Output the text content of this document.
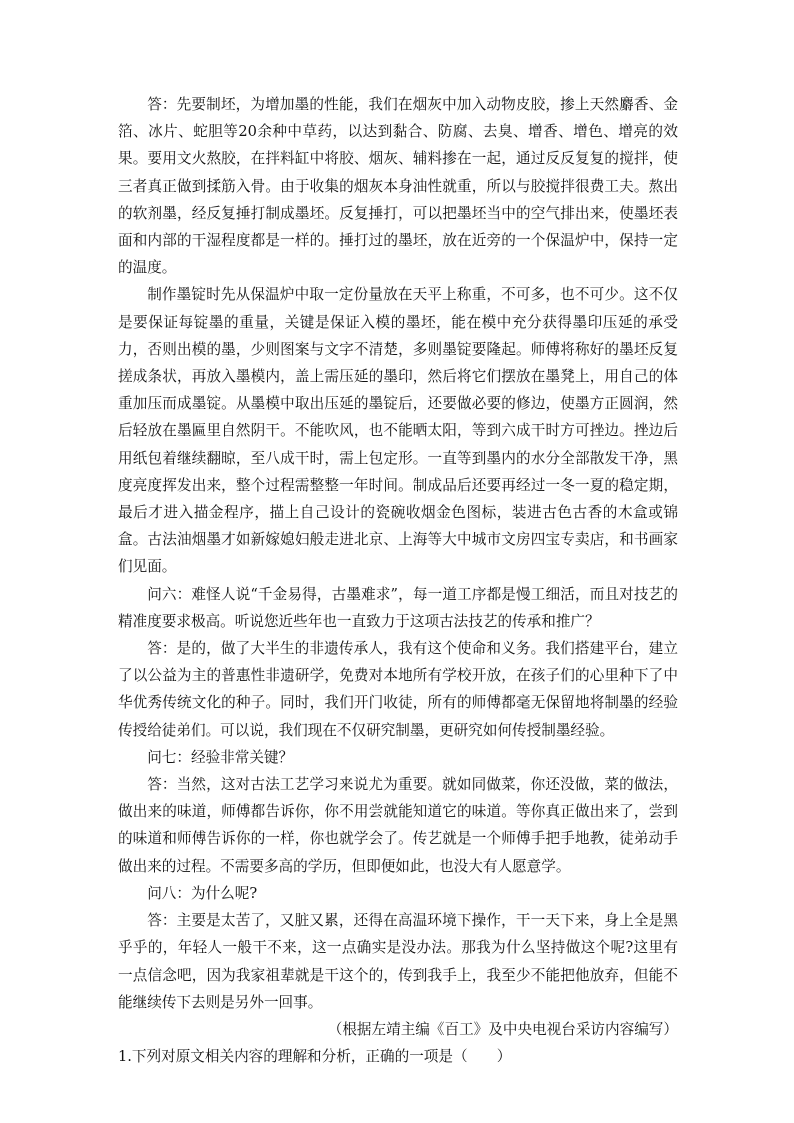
答：先要制坯，为增加墨的性能，我们在烟灰中加入动物皮胶，掺上天然麝香、金箔、冰片、蛇胆等20余种中草药，以达到黏合、防腐、去臭、增香、增色、增亮的效果。要用文火熬胶，在拌料缸中将胶、烟灰、辅料掺在一起，通过反反复复的搅拌，使三者真正做到揉筋入骨。由于收集的烟灰本身油性就重，所以与胶搅拌很费工夫。熬出的软剂墨，经反复捶打制成墨坯。反复捶打，可以把墨坯当中的空气排出来，使墨坯表面和内部的干湿程度都是一样的。捶打过的墨坯，放在近旁的一个保温炉中，保持一定的温度。

制作墨锭时先从保温炉中取一定份量放在天平上称重，不可多，也不可少。这不仅是要保证每锭墨的重量，关键是保证入模的墨坯，能在模中充分获得墨印压延的承受力，否则出模的墨，少则图案与文字不清楚，多则墨锭要隆起。师傅将称好的墨坯反复搓成条状，再放入墨模内，盖上需压延的墨印，然后将它们摆放在墨凳上，用自己的体重加压而成墨锭。从墨模中取出压延的墨锭后，还要做必要的修边，使墨方正圆润，然后轻放在墨匾里自然阴干。不能吹风，也不能晒太阳，等到六成干时方可挫边。挫边后用纸包着继续翻晾，至八成干时，需上包定形。一直等到墨内的水分全部散发干净，黑度亮度挥发出来，整个过程需整整一年时间。制成品后还要再经过一冬一夏的稳定期，最后才进入描金程序，描上自己设计的瓷碗收烟金色图标，装进古色古香的木盒或锦盒。古法油烟墨才如新嫁媳妇般走进北京、上海等大中城市文房四宝专卖店，和书画家们见面。

问六：难怪人说“千金易得，古墨难求”，每一道工序都是慢工细活，而且对技艺的精准度要求极高。听说您近些年也一直致力于这项古法技艺的传承和推广？

答：是的，做了大半生的非遗传承人，我有这个使命和义务。我们搭建平台，建立了以公益为主的普惠性非遗研学，免费对本地所有学校开放，在孩子们的心里种下了中华优秀传统文化的种子。同时，我们开门收徒，所有的师傅都毫无保留地将制墨的经验传授给徒弟们。可以说，我们现在不仅研究制墨，更研究如何传授制墨经验。

问七：经验非常关键？

答：当然，这对古法工艺学习来说尤为重要。就如同做菜，你还没做，菜的做法，做出来的味道，师傅都告诉你，你不用尝就能知道它的味道。等你真正做出来了，尝到的味道和师傅告诉你的一样，你也就学会了。传艺就是一个师傅手把手地教，徒弟动手做出来的过程。不需要多高的学历，但即便如此，也没大有人愿意学。

问八：为什么呢?

答：主要是太苦了，又脏又累，还得在高温环境下操作，干一天下来，身上全是黑乎乎的，年轻人一般干不来，这一点确实是没办法。那我为什么坚持做这个呢?这里有一点信念吧，因为我家祖辈就是干这个的，传到我手上，我至少不能把他放弃，但能不能继续传下去则是另外一回事。

（根据左靖主编《百工》及中央电视台采访内容编写）

1.下列对原文相关内容的理解和分析，正确的一项是（　　）
